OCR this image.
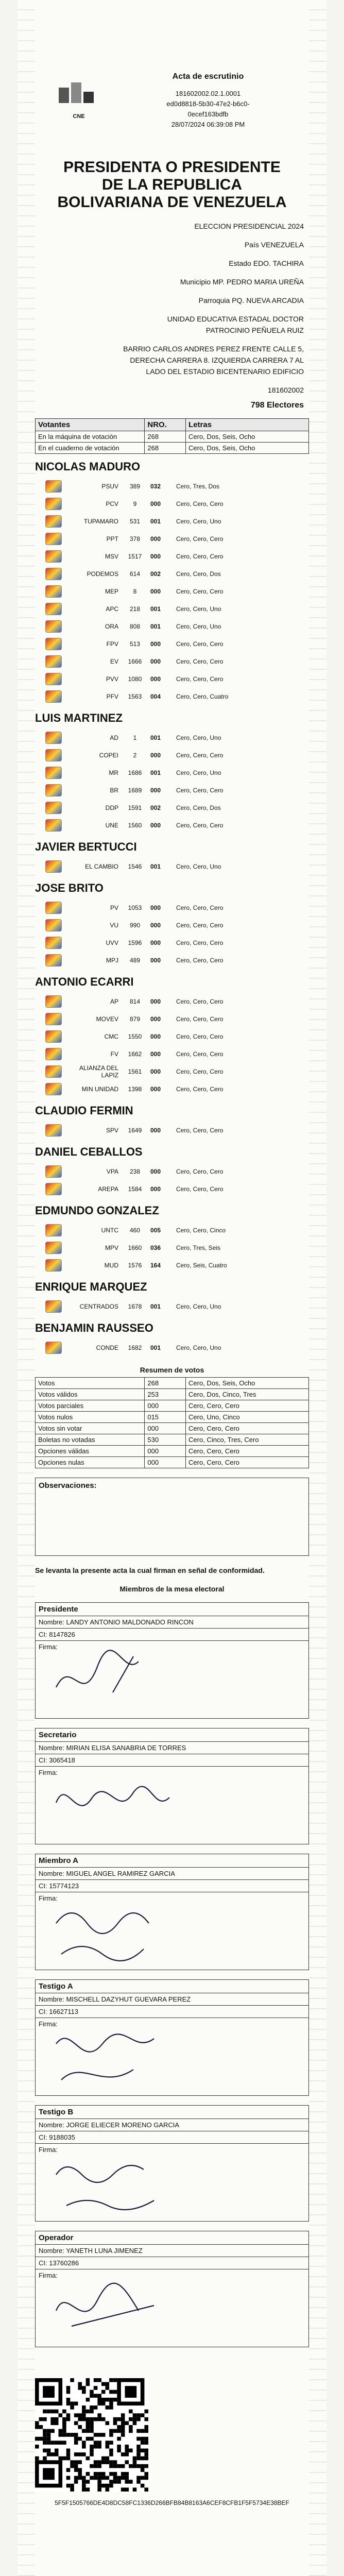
CNE
Acta de escrutinio
181602002.02.1.0001
ed0d8818-5b30-47e2-b6c0-
0ecef163bdfb
28/07/2024 06:39:08 PM
PRESIDENTA O PRESIDENTE DE LA REPUBLICA BOLIVARIANA DE VENEZUELA
ELECCION PRESIDENCIAL 2024
País VENEZUELA
Estado EDO. TACHIRA
Municipio MP. PEDRO MARIA UREÑA
Parroquia PQ. NUEVA ARCADIA
UNIDAD EDUCATIVA ESTADAL DOCTOR PATROCINIO PEÑUELA RUIZ
BARRIO CARLOS ANDRES PEREZ FRENTE CALLE 5, DERECHA CARRERA 8. IZQUIERDA CARRERA 7 AL LADO DEL ESTADIO BICENTENARIO EDIFICIO
181602002
798 Electores
Votantes	NRO.	Letras
En la máquina de votación	268	Cero, Dos, Seis, Ocho
En el cuaderno de votación	268	Cero, Dos, Seis, Ocho
NICOLAS MADURO
PSUV	389	032	Cero, Tres, Dos
PCV	9	000	Cero, Cero, Cero
TUPAMARO	531	001	Cero, Cero, Uno
PPT	378	000	Cero, Cero, Cero
MSV	1517	000	Cero, Cero, Cero
PODEMOS	614	002	Cero, Cero, Dos
MEP	8	000	Cero, Cero, Cero
APC	218	001	Cero, Cero, Uno
ORA	808	001	Cero, Cero, Uno
FPV	513	000	Cero, Cero, Cero
EV	1666	000	Cero, Cero, Cero
PVV	1080	000	Cero, Cero, Cero
PFV	1563	004	Cero, Cero, Cuatro
LUIS MARTINEZ
AD	1	001	Cero, Cero, Uno
COPEI	2	000	Cero, Cero, Cero
MR	1686	001	Cero, Cero, Uno
BR	1689	000	Cero, Cero, Cero
DDP	1591	002	Cero, Cero, Dos
UNE	1560	000	Cero, Cero, Cero
JAVIER BERTUCCI
EL CAMBIO	1546	001	Cero, Cero, Uno
JOSE BRITO
PV	1053	000	Cero, Cero, Cero
VU	990	000	Cero, Cero, Cero
UVV	1596	000	Cero, Cero, Cero
MPJ	489	000	Cero, Cero, Cero
ANTONIO ECARRI
AP	814	000	Cero, Cero, Cero
MOVEV	879	000	Cero, Cero, Cero
CMC	1550	000	Cero, Cero, Cero
FV	1662	000	Cero, Cero, Cero
ALIANZA DEL LAPIZ	1561	000	Cero, Cero, Cero
MIN UNIDAD	1398	000	Cero, Cero, Cero
CLAUDIO FERMIN
SPV	1649	000	Cero, Cero, Cero
DANIEL CEBALLOS
VPA	238	000	Cero, Cero, Cero
AREPA	1584	000	Cero, Cero, Cero
EDMUNDO GONZALEZ
UNTC	460	005	Cero, Cero, Cinco
MPV	1660	036	Cero, Tres, Seis
MUD	1576	164	Cero, Seis, Cuatro
ENRIQUE MARQUEZ
CENTRADOS	1678	001	Cero, Cero, Uno
BENJAMIN RAUSSEO
CONDE	1682	001	Cero, Cero, Uno
Resumen de votos
Votos	268	Cero, Dos, Seis, Ocho
Votos válidos	253	Cero, Dos, Cinco, Tres
Votos parciales	000	Cero, Cero, Cero
Votos nulos	015	Cero, Uno, Cinco
Votos sin votar	000	Cero, Cero, Cero
Boletas no votadas	530	Cero, Cinco, Tres, Cero
Opciones válidas	000	Cero, Cero, Cero
Opciones nulas	000	Cero, Cero, Cero
Observaciones:
Se levanta la presente acta la cual firman en señal de conformidad.
Miembros de la mesa electoral
Presidente
Nombre: LANDY ANTONIO MALDONADO RINCON
CI: 8147826
Firma:
Secretario
Nombre: MIRIAN ELISA SANABRIA DE TORRES
CI: 3065418
Firma:
Miembro A
Nombre: MIGUEL ANGEL RAMIREZ GARCIA
CI: 15774123
Firma:
Testigo A
Nombre: MISCHELL DAZYHUT GUEVARA PEREZ
CI: 16627113
Firma:
Testigo B
Nombre: JORGE ELIECER MORENO GARCIA
CI: 9188035
Firma:
Operador
Nombre: YANETH LUNA JIMENEZ
CI: 13760286
Firma:
5F5F1505766DE4D8DC58FC1336D266BFB84B8163A6CEF8CFB1F5F5734E38BEF
